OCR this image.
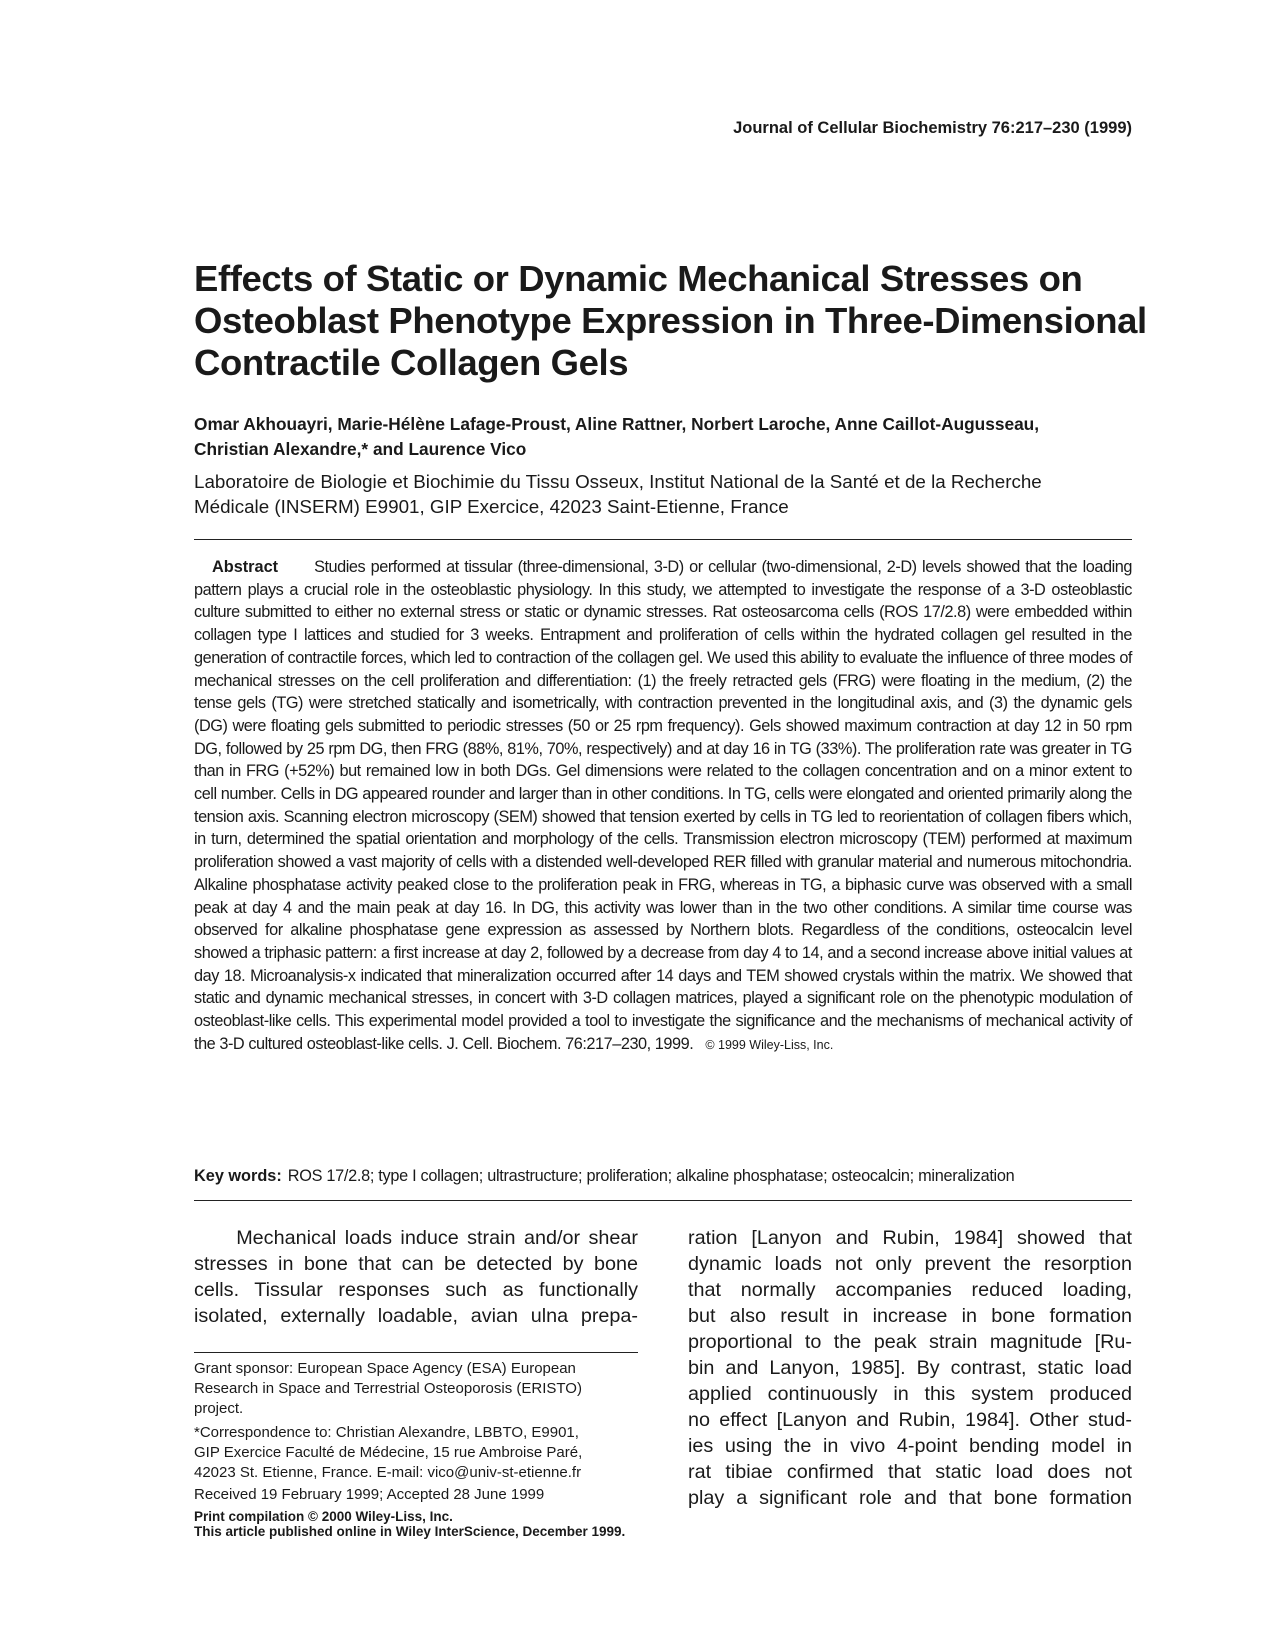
Journal of Cellular Biochemistry 76:217–230 (1999)
Effects of Static or Dynamic Mechanical Stresses on
Osteoblast Phenotype Expression in Three-Dimensional
Contractile Collagen Gels
Omar Akhouayri, Marie-Hélène Lafage-Proust, Aline Rattner, Norbert Laroche, Anne Caillot-Augusseau,
Christian Alexandre,* and Laurence Vico
Laboratoire de Biologie et Biochimie du Tissu Osseux, Institut National de la Santé et de la Recherche
Médicale (INSERM) E9901, GIP Exercice, 42023 Saint-Etienne, France
Abstract Studies performed at tissular (three-dimensional, 3-D) or cellular (two-dimensional, 2-D) levels showed that the loading pattern plays a crucial role in the osteoblastic physiology. In this study, we attempted to investigate the response of a 3-D osteoblastic culture submitted to either no external stress or static or dynamic stresses. Rat osteosarcoma cells (ROS 17/2.8) were embedded within collagen type I lattices and studied for 3 weeks. Entrapment and proliferation of cells within the hydrated collagen gel resulted in the generation of contractile forces, which led to contraction of the collagen gel. We used this ability to evaluate the influence of three modes of mechanical stresses on the cell proliferation and differentiation: (1) the freely retracted gels (FRG) were floating in the medium, (2) the tense gels (TG) were stretched statically and isometrically, with contraction prevented in the longitudinal axis, and (3) the dynamic gels (DG) were floating gels submitted to periodic stresses (50 or 25 rpm frequency). Gels showed maximum contraction at day 12 in 50 rpm DG, followed by 25 rpm DG, then FRG (88%, 81%, 70%, respectively) and at day 16 in TG (33%). The proliferation rate was greater in TG than in FRG (+52%) but remained low in both DGs. Gel dimensions were related to the collagen concentration and on a minor extent to cell number. Cells in DG appeared rounder and larger than in other conditions. In TG, cells were elongated and oriented primarily along the tension axis. Scanning electron microscopy (SEM) showed that tension exerted by cells in TG led to reorientation of collagen fibers which, in turn, determined the spatial orientation and morphology of the cells. Transmission electron microscopy (TEM) performed at maximum proliferation showed a vast majority of cells with a distended well-developed RER filled with granular material and numerous mitochondria. Alkaline phosphatase activity peaked close to the proliferation peak in FRG, whereas in TG, a biphasic curve was observed with a small peak at day 4 and the main peak at day 16. In DG, this activity was lower than in the two other conditions. A similar time course was observed for alkaline phosphatase gene expression as assessed by Northern blots. Regardless of the conditions, osteocalcin level showed a triphasic pattern: a first increase at day 2, followed by a decrease from day 4 to 14, and a second increase above initial values at day 18. Microanalysis-x indicated that mineralization occurred after 14 days and TEM showed crystals within the matrix. We showed that static and dynamic mechanical stresses, in concert with 3-D collagen matrices, played a significant role on the phenotypic modulation of osteoblast-like cells. This experimental model provided a tool to investigate the significance and the mechanisms of mechanical activity of the 3-D cultured osteoblast-like cells. J. Cell. Biochem. 76:217–230, 1999. © 1999 Wiley-Liss, Inc.
Key words: ROS 17/2.8; type I collagen; ultrastructure; proliferation; alkaline phosphatase; osteocalcin; mineralization
Mechanical loads induce strain and/or shear
stresses in bone that can be detected by bone
cells. Tissular responses such as functionally
isolated, externally loadable, avian ulna prepa-
ration [Lanyon and Rubin, 1984] showed that
dynamic loads not only prevent the resorption
that normally accompanies reduced loading,
but also result in increase in bone formation
proportional to the peak strain magnitude [Ru-
bin and Lanyon, 1985]. By contrast, static load
applied continuously in this system produced
no effect [Lanyon and Rubin, 1984]. Other stud-
ies using the in vivo 4-point bending model in
rat tibiae confirmed that static load does not
play a significant role and that bone formation
Grant sponsor: European Space Agency (ESA) European
Research in Space and Terrestrial Osteoporosis (ERISTO)
project.
*Correspondence to: Christian Alexandre, LBBTO, E9901,
GIP Exercice Faculté de Médecine, 15 rue Ambroise Paré,
42023 St. Etienne, France. E-mail: vico@univ-st-etienne.fr
Received 19 February 1999; Accepted 28 June 1999
Print compilation © 2000 Wiley-Liss, Inc.
This article published online in Wiley InterScience, December 1999.
